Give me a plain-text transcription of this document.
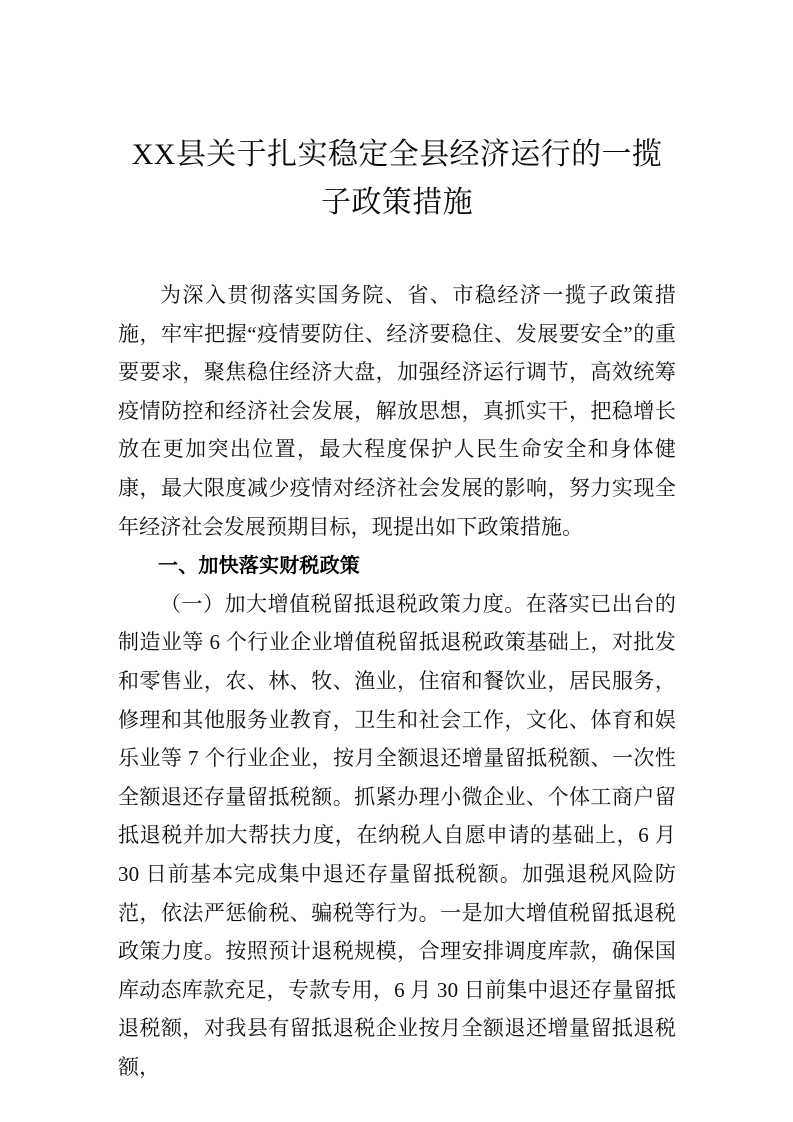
XX县关于扎实稳定全县经济运行的一揽子政策措施

为深入贯彻落实国务院、省、市稳经济一揽子政策措施，牢牢把握“疫情要防住、经济要稳住、发展要安全”的重要要求，聚焦稳住经济大盘，加强经济运行调节，高效统筹疫情防控和经济社会发展，解放思想，真抓实干，把稳增长放在更加突出位置，最大程度保护人民生命安全和身体健康，最大限度减少疫情对经济社会发展的影响，努力实现全年经济社会发展预期目标，现提出如下政策措施。

一、加快落实财税政策

（一）加大增值税留抵退税政策力度。在落实已出台的制造业等 6 个行业企业增值税留抵退税政策基础上，对批发和零售业，农、林、牧、渔业，住宿和餐饮业，居民服务，修理和其他服务业教育，卫生和社会工作，文化、体育和娱乐业等 7 个行业企业，按月全额退还增量留抵税额、一次性全额退还存量留抵税额。抓紧办理小微企业、个体工商户留抵退税并加大帮扶力度，在纳税人自愿申请的基础上，6 月 30 日前基本完成集中退还存量留抵税额。加强退税风险防范，依法严惩偷税、骗税等行为。一是加大增值税留抵退税政策力度。按照预计退税规模，合理安排调度库款，确保国库动态库款充足，专款专用，6 月 30 日前集中退还存量留抵退税额，对我县有留抵退税企业按月全额退还增量留抵退税额，
